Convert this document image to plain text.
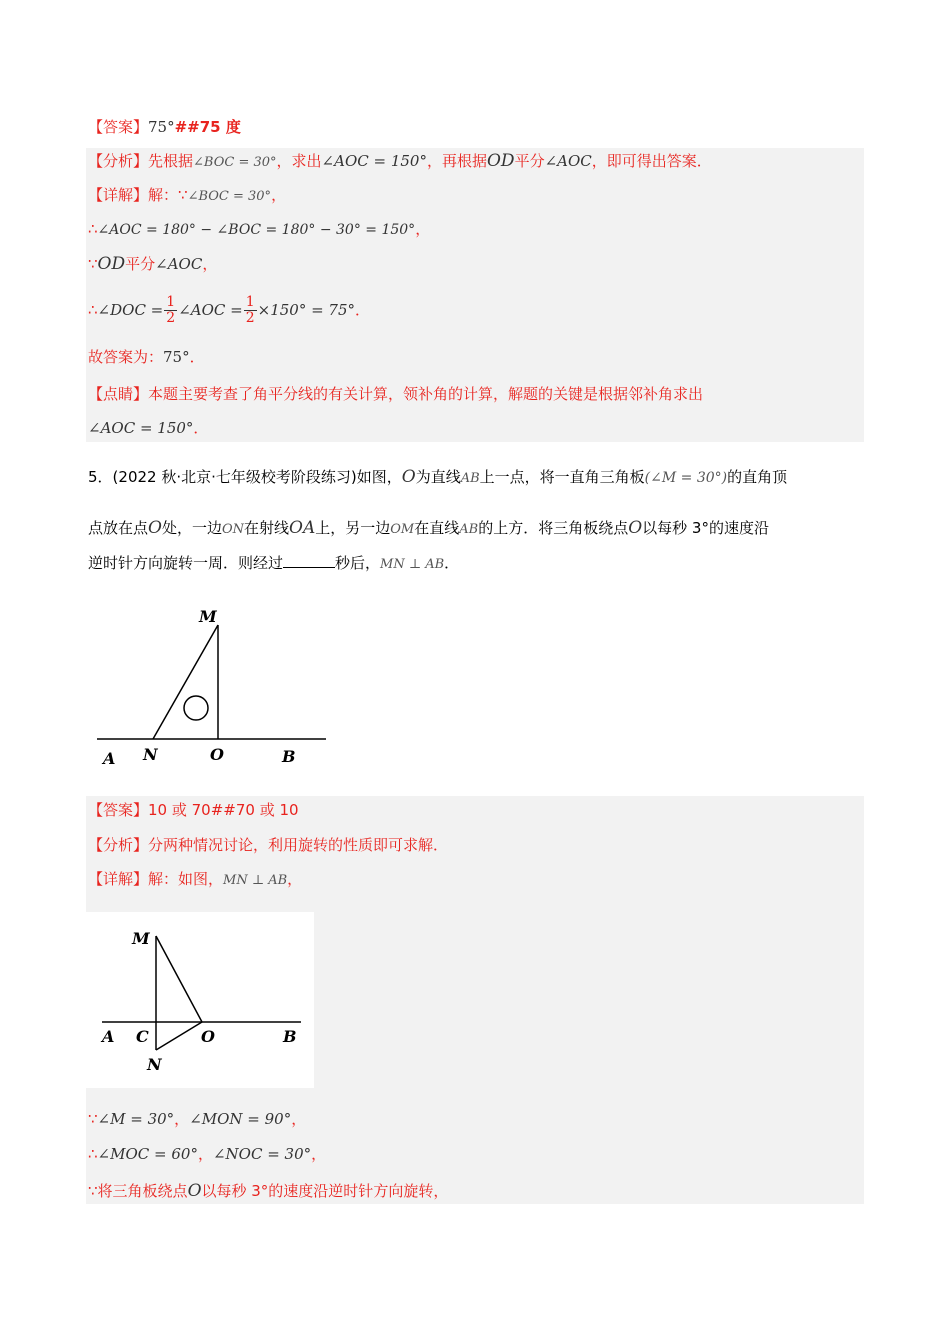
【答案】75°##75 度
【分析】先根据∠BOC = 30°，求出∠AOC = 150°，再根据OD平分∠AOC，即可得出答案．
【详解】解：∵∠BOC = 30°，
∴∠AOC = 180° − ∠BOC = 180° − 30° = 150°，
∵OD平分∠AOC，
∴∠DOC = $\frac{1}{2}$ ∠AOC = $\frac{1}{2} \times 150^\circ = 75^\circ$．
故答案为：75°．
【点睛】本题主要考查了角平分线的有关计算，领补角的计算，解题的关键是根据邻补角求出
∠AOC = 150°．
5．(2022 秋·北京·七年级校考阶段练习)如图，O为直线AB上一点，将一直角三角板(∠M = 30°)的直角顶
点放在点O处，一边ON在射线OA上，另一边OM在直线AB的上方．将三角板绕点O以每秒 3°的速度沿
逆时针方向旋转一周．则经过	秒后，MN ⊥ AB．
M
A N	O	B
【答案】10 或 70##70 或 10
【分析】分两种情况讨论，利用旋转的性质即可求解．
【详解】解：如图，MN ⊥ AB，
M
A C	O	B
N
∵∠M = 30°，∠MON = 90°，
∴∠MOC = 60°，∠NOC = 30°，
∵将三角板绕点O以每秒 3°的速度沿逆时针方向旋转，
